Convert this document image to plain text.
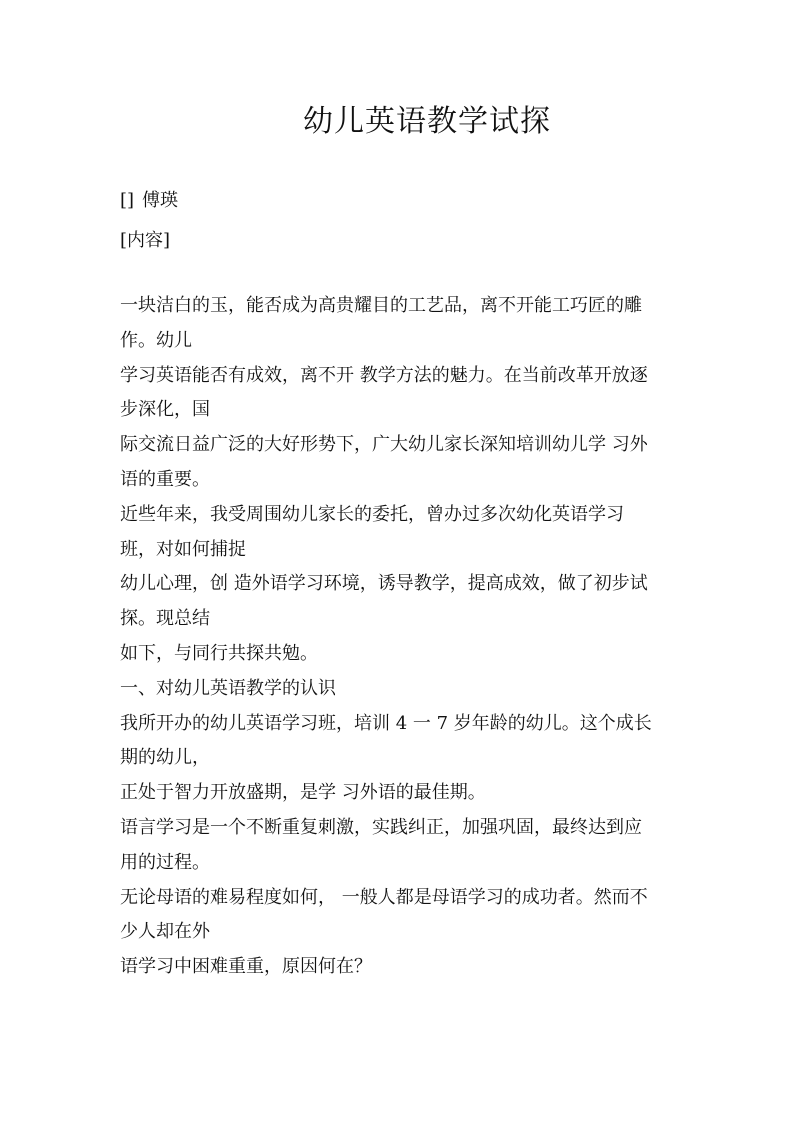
幼儿英语教学试探

[] 傅瑛

[内容]

一块洁白的玉，能否成为高贵耀目的工艺品，离不开能工巧匠的雕
作。幼儿
学习英语能否有成效，离不开 教学方法的魅力。在当前改革开放逐
步深化，国
际交流日益广泛的大好形势下，广大幼儿家长深知培训幼儿学 习外
语的重要。
近些年来，我受周围幼儿家长的委托，曾办过多次幼化英语学习
班，对如何捕捉
幼儿心理，创 造外语学习环境，诱导教学，提高成效，做了初步试
探。现总结
如下，与同行共探共勉。
一、对幼儿英语教学的认识
我所开办的幼儿英语学习班，培训 4 一 7 岁年龄的幼儿。这个成长
期的幼儿，
正处于智力开放盛期，是学 习外语的最佳期。
语言学习是一个不断重复刺激，实践纠正，加强巩固，最终达到应
用的过程。
无论母语的难易程度如何， 一般人都是母语学习的成功者。然而不
少人却在外
语学习中困难重重，原因何在？
